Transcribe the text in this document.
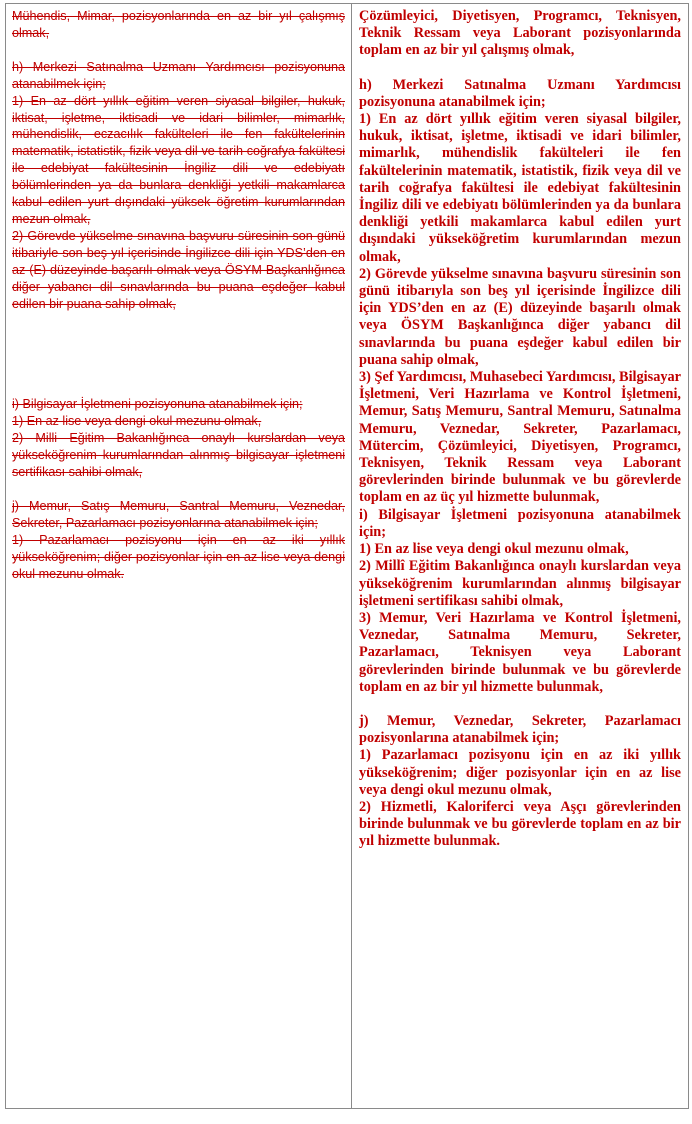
Mühendis, Mimar, pozisyonlarında en az bir yıl çalışmış olmak,

h) Merkezi Satınalma Uzmanı Yardımcısı pozisyonuna atanabilmek için;

1) En az dört yıllık eğitim veren siyasal bilgiler, hukuk, iktisat, işletme, iktisadi ve idari bilimler, mimarlık, mühendislik, eczacılık fakülteleri ile fen fakültelerinin matematik, istatistik, fizik veya dil ve tarih coğrafya fakültesi ile edebiyat fakültesinin İngiliz dili ve edebiyatı bölümlerinden ya da bunlara denkliği yetkili makamlarca kabul edilen yurt dışındaki yüksek öğretim kurumlarından mezun olmak,

2) Görevde yükselme sınavına başvuru süresinin son günü itibariyle son beş yıl içerisinde İngilizce dili için YDS’den en az (E) düzeyinde başarılı olmak veya ÖSYM Başkanlığınca diğer yabancı dil sınavlarında bu puana eşdeğer kabul edilen bir puana sahip olmak,

i) Bilgisayar İşletmeni pozisyonuna atanabilmek için;

1) En az lise veya dengi okul mezunu olmak,

2) Milli Eğitim Bakanlığınca onaylı kurslardan veya yükseköğrenim kurumlarından alınmış bilgisayar işletmeni sertifikası sahibi olmak,

j) Memur, Satış Memuru, Santral Memuru, Veznedar, Sekreter, Pazarlamacı pozisyonlarına atanabilmek için;

1) Pazarlamacı pozisyonu için en az iki yıllık yükseköğrenim; diğer pozisyonlar için en az lise veya dengi okul mezunu olmak.

Çözümleyici, Diyetisyen, Programcı, Teknisyen, Teknik Ressam veya Laborant pozisyonlarında toplam en az bir yıl çalışmış olmak,

h) Merkezi Satınalma Uzmanı Yardımcısı pozisyonuna atanabilmek için;

1) En az dört yıllık eğitim veren siyasal bilgiler, hukuk, iktisat, işletme, iktisadi ve idari bilimler, mimarlık, mühendislik fakülteleri ile fen fakültelerinin matematik, istatistik, fizik veya dil ve tarih coğrafya fakültesi ile edebiyat fakültesinin İngiliz dili ve edebiyatı bölümlerinden ya da bunlara denkliği yetkili makamlarca kabul edilen yurt dışındaki yükseköğretim kurumlarından mezun olmak,

2) Görevde yükselme sınavına başvuru süresinin son günü itibarıyla son beş yıl içerisinde İngilizce dili için YDS’den en az (E) düzeyinde başarılı olmak veya ÖSYM Başkanlığınca diğer yabancı dil sınavlarında bu puana eşdeğer kabul edilen bir puana sahip olmak,

3) Şef Yardımcısı, Muhasebeci Yardımcısı, Bilgisayar İşletmeni, Veri Hazırlama ve Kontrol İşletmeni, Memur, Satış Memuru, Santral Memuru, Satınalma Memuru, Veznedar, Sekreter, Pazarlamacı, Mütercim, Çözümleyici, Diyetisyen, Programcı, Teknisyen, Teknik Ressam veya Laborant görevlerinden birinde bulunmak ve bu görevlerde toplam en az üç yıl hizmette bulunmak,

i) Bilgisayar İşletmeni pozisyonuna atanabilmek için;

1) En az lise veya dengi okul mezunu olmak,

2) Millî Eğitim Bakanlığınca onaylı kurslardan veya yükseköğrenim kurumlarından alınmış bilgisayar işletmeni sertifikası sahibi olmak,

3) Memur, Veri Hazırlama ve Kontrol İşletmeni, Veznedar, Satınalma Memuru, Sekreter, Pazarlamacı, Teknisyen veya Laborant görevlerinden birinde bulunmak ve bu görevlerde toplam en az bir yıl hizmette bulunmak,

j) Memur, Veznedar, Sekreter, Pazarlamacı pozisyonlarına atanabilmek için;

1) Pazarlamacı pozisyonu için en az iki yıllık yükseköğrenim; diğer pozisyonlar için en az lise veya dengi okul mezunu olmak,

2) Hizmetli, Kaloriferci veya Aşçı görevlerinden birinde bulunmak ve bu görevlerde toplam en az bir yıl hizmette bulunmak.
